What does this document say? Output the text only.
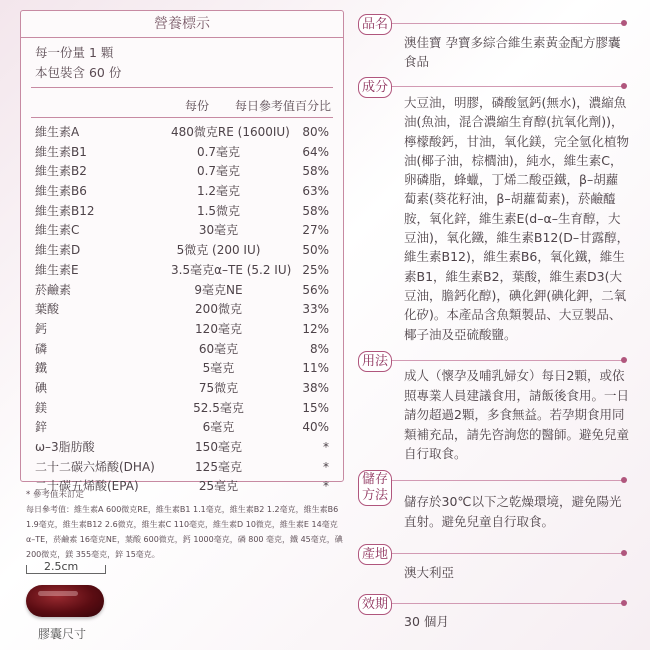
營養標示
每一份量 1 顆
本包裝含 60 份
每份 每日參考值百分比
維生素A	480微克RE (1600IU) 80%
維生素B1	0.7毫克	64%
維生素B2	0.7毫克	58%
維生素B6	1.2毫克	63%
維生素B12	1.5微克	58%
維生素C	30毫克	27%
維生素D	5微克 (200 IU)	50%
維生素E	3.5毫克α–TE (5.2 IU) 25%
菸鹼素	9毫克NE	56%
葉酸	200微克	33%
鈣	120毫克	12%
磷	60毫克	8%
鐵	5毫克	11%
碘	75微克	38%
鎂	52.5毫克	15%
鋅	6毫克	40%
ω–3脂肪酸	150毫克	*
二十二碳六烯酸(DHA)	125毫克	*
二十碳五烯酸(EPA)	25毫克	*
* 參考值未訂定
每日參考值：維生素A 600微克RE，維生素B1 1.1毫克，維生素B2 1.2毫克，維生素B6 1.9毫克，維生素B12 2.6微克，維生素C 110毫克，維生素D 10微克，維生素E 14毫克α–TE，菸鹼素 16毫克NE，葉酸 600微克，鈣 1000毫克，磷 800 毫克，鐵 45毫克，碘 200微克，鎂 355毫克，鋅 15毫克。
2.5cm
膠囊尺寸
品名
澳佳寶 孕寶多綜合維生素黃金配方膠囊食品
成分
大豆油，明膠，磷酸氫鈣(無水)，濃縮魚油(魚油，混合濃縮生育醇(抗氧化劑))，檸檬酸鈣，甘油，氧化鎂，完全氫化植物油(椰子油，棕櫚油)，純水，維生素C，卵磷脂，蜂蠟，丁烯二酸亞鐵，β–胡蘿蔔素(葵花籽油，β–胡蘿蔔素)，菸鹼醯胺，氧化鋅，維生素E(d–α–生育醇，大豆油)，氧化鐵，維生素B12(D–甘露醇，維生素B12)，維生素B6，氧化鐵，維生素B1，維生素B2，葉酸，維生素D3(大豆油，膽鈣化醇)，碘化鉀(碘化鉀，二氧化矽)。本產品含魚類製品、大豆製品、椰子油及亞硫酸鹽。
用法
成人（懷孕及哺乳婦女）每日2顆，或依照專業人員建議食用，請飯後食用。一日請勿超過2顆，多食無益。若孕期食用同類補充品，請先咨詢您的醫師。避免兒童自行取食。
儲存
方法 儲存於30℃以下之乾燥環境，避免陽光直射。避免兒童自行取食。
產地
澳大利亞
效期
30 個月
